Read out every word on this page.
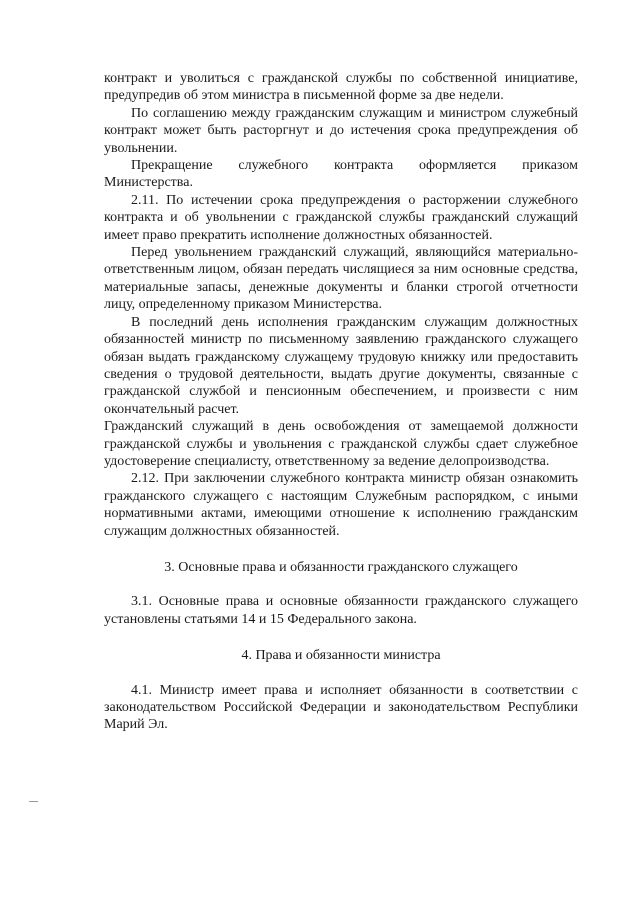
контракт и уволиться с гражданской службы по собственной инициативе, предупредив об этом министра в письменной форме за две недели.

По соглашению между гражданским служащим и министром служебный контракт может быть расторгнут и до истечения срока предупреждения об увольнении.

Прекращение служебного контракта оформляется приказом Министерства.

2.11. По истечении срока предупреждения о расторжении служебного контракта и об увольнении с гражданской службы гражданский служащий имеет право прекратить исполнение должностных обязанностей.

Перед увольнением гражданский служащий, являющийся материально-ответственным лицом, обязан передать числящиеся за ним основные средства, материальные запасы, денежные документы и бланки строгой отчетности лицу, определенному приказом Министерства.

В последний день исполнения гражданским служащим должностных обязанностей министр по письменному заявлению гражданского служащего обязан выдать гражданскому служащему трудовую книжку или предоставить сведения о трудовой деятельности, выдать другие документы, связанные с гражданской службой и пенсионным обеспечением, и произвести с ним окончательный расчет.

Гражданский служащий в день освобождения от замещаемой должности гражданской службы и увольнения с гражданской службы сдает служебное удостоверение специалисту, ответственному за ведение делопроизводства.

2.12. При заключении служебного контракта министр обязан ознакомить гражданского служащего с настоящим Служебным распорядком, с иными нормативными актами, имеющими отношение к исполнению гражданским служащим должностных обязанностей.

3. Основные права и обязанности гражданского служащего

3.1. Основные права и основные обязанности гражданского служащего установлены статьями 14 и 15 Федерального закона.

4. Права и обязанности министра

4.1. Министр имеет права и исполняет обязанности в соответствии с законодательством Российской Федерации и законодательством Республики Марий Эл.
